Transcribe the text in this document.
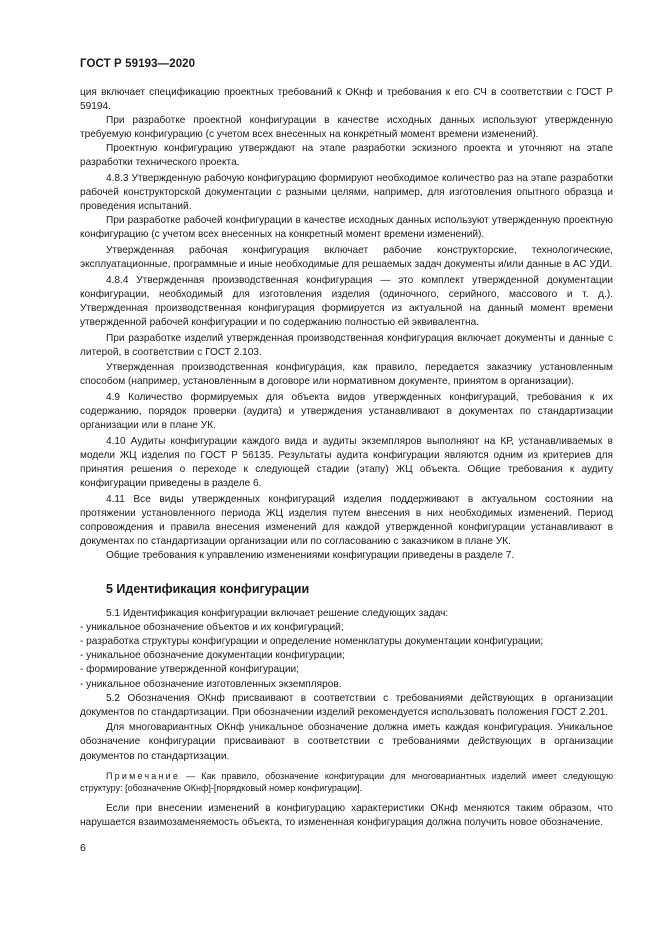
ГОСТ Р 59193—2020

ция включает спецификацию проектных требований к ОКнф и требования к его СЧ в соответствии с ГОСТ Р 59194.

При разработке проектной конфигурации в качестве исходных данных используют утвержденную требуемую конфигурацию (с учетом всех внесенных на конкретный момент времени изменений).

Проектную конфигурацию утверждают на этапе разработки эскизного проекта и уточняют на этапе разработки технического проекта.

4.8.3 Утвержденную рабочую конфигурацию формируют необходимое количество раз на этапе разработки рабочей конструкторской документации с разными целями, например, для изготовления опытного образца и проведения испытаний.

При разработке рабочей конфигурации в качестве исходных данных используют утвержденную проектную конфигурацию (с учетом всех внесенных на конкретный момент времени изменений).

Утвержденная рабочая конфигурация включает рабочие конструкторские, технологические, эксплуатационные, программные и иные необходимые для решаемых задач документы и/или данные в АС УДИ.

4.8.4 Утвержденная производственная конфигурация — это комплект утвержденной документации конфигурации, необходимый для изготовления изделия (одиночного, серийного, массового и т. д.). Утвержденная производственная конфигурация формируется из актуальной на данный момент времени утвержденной рабочей конфигурации и по содержанию полностью ей эквивалентна.

При разработке изделий утвержденная производственная конфигурация включает документы и данные с литерой, в соответствии с ГОСТ 2.103.

Утвержденная производственная конфигурация, как правило, передается заказчику установленным способом (например, установленным в договоре или нормативном документе, принятом в организации).

4.9 Количество формируемых для объекта видов утвержденных конфигураций, требования к их содержанию, порядок проверки (аудита) и утверждения устанавливают в документах по стандартизации организации или в плане УК.

4.10 Аудиты конфигурации каждого вида и аудиты экземпляров выполняют на КР, устанавливаемых в модели ЖЦ изделия по ГОСТ Р 56135. Результаты аудита конфигурации являются одним из критериев для принятия решения о переходе к следующей стадии (этапу) ЖЦ объекта. Общие требования к аудиту конфигурации приведены в разделе 6.

4.11 Все виды утвержденных конфигураций изделия поддерживают в актуальном состоянии на протяжении установленного периода ЖЦ изделия путем внесения в них необходимых изменений. Период сопровождения и правила внесения изменений для каждой утвержденной конфигурации устанавливают в документах по стандартизации организации или по согласованию с заказчиком в плане УК.

Общие требования к управлению изменениями конфигурации приведены в разделе 7.

5 Идентификация конфигурации

5.1 Идентификация конфигурации включает решение следующих задач:

- уникальное обозначение объектов и их конфигураций;

- разработка структуры конфигурации и определение номенклатуры документации конфигурации;

- уникальное обозначение документации конфигурации;

- формирование утвержденной конфигурации;

- уникальное обозначение изготовленных экземпляров.

5.2 Обозначения ОКнф присваивают в соответствии с требованиями действующих в организации документов по стандартизации. При обозначении изделий рекомендуется использовать положения ГОСТ 2.201.

Для многовариантных ОКнф уникальное обозначение должна иметь каждая конфигурация. Уникальное обозначение конфигурации присваивают в соответствии с требованиями действующих в организации документов по стандартизации.

Примечание — Как правило, обозначение конфигурации для многовариантных изделий имеет следующую структуру: [обозначение ОКнф]-[порядковый номер конфигурации].

Если при внесении изменений в конфигурацию характеристики ОКнф меняются таким образом, что нарушается взаимозаменяемость объекта, то измененная конфигурация должна получить новое обозначение.

6
